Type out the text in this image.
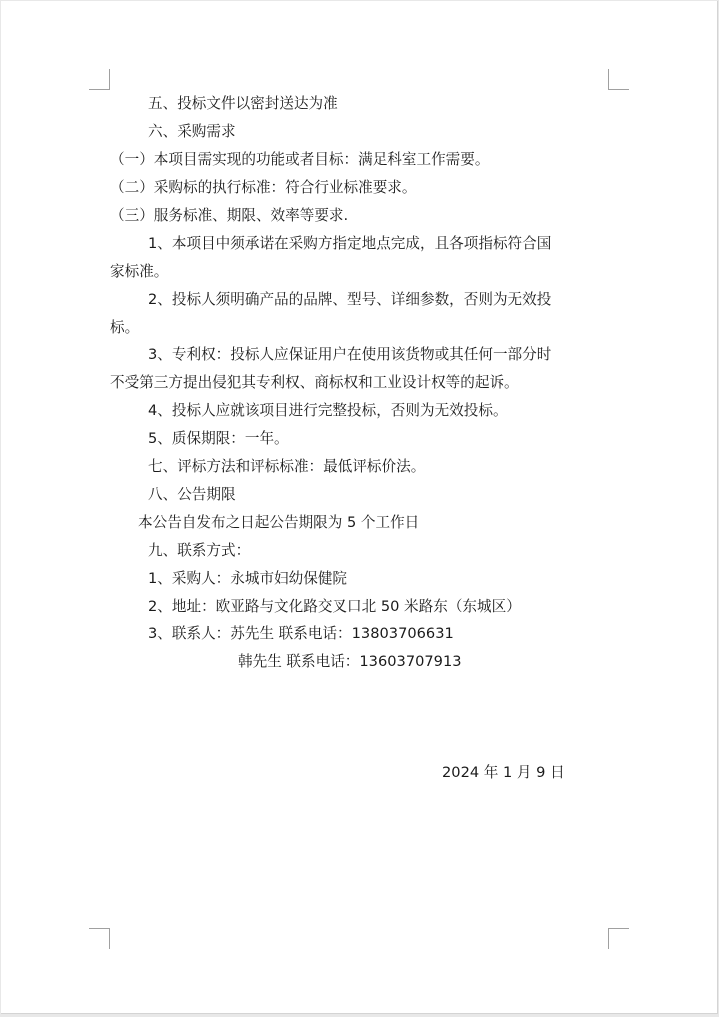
五、投标文件以密封送达为准

六、采购需求

（一）本项目需实现的功能或者目标：满足科室工作需要。

（二）采购标的执行标准：符合行业标准要求。

（三）服务标准、期限、效率等要求.

1、本项目中须承诺在采购方指定地点完成，且各项指标符合国

家标准。

2、投标人须明确产品的品牌、型号、详细参数，否则为无效投

标。

3、专利权：投标人应保证用户在使用该货物或其任何一部分时

不受第三方提出侵犯其专利权、商标权和工业设计权等的起诉。

4、投标人应就该项目进行完整投标，否则为无效投标。

5、质保期限：一年。

七、评标方法和评标标准：最低评标价法。

八、公告期限

本公告自发布之日起公告期限为 5 个工作日

九、联系方式：

1、采购人：永城市妇幼保健院

2、地址：欧亚路与文化路交叉口北 50 米路东（东城区）

3、联系人：苏先生 联系电话：13803706631

韩先生 联系电话：13603707913

2024 年 1 月 9 日
